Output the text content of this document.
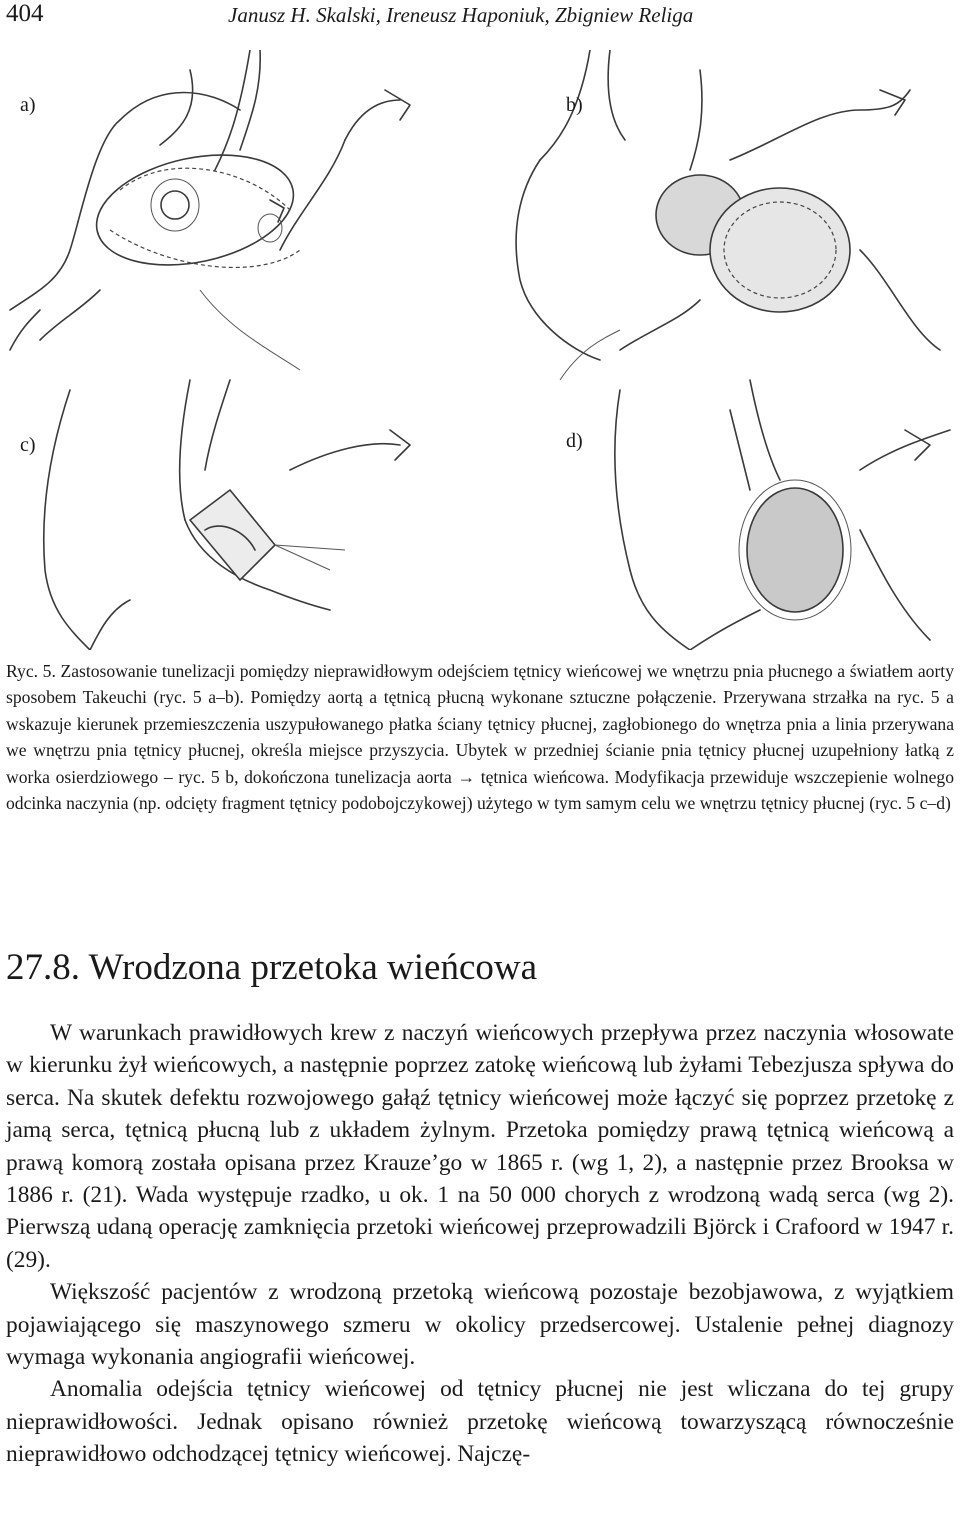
404	Janusz H. Skalski, Ireneusz Haponiuk, Zbigniew Religa
a)	b)
c)	d)
Ryc. 5. Zastosowanie tunelizacji pomiędzy nieprawidłowym odejściem tętnicy wieńcowej we wnętrzu pnia płucnego a światłem aorty sposobem Takeuchi (ryc. 5 a–b). Pomiędzy aortą a tętnicą płucną wykonane sztuczne połączenie. Przerywana strzałka na ryc. 5 a wskazuje kierunek przemieszczenia uszypułowanego płatka ściany tętnicy płucnej, zagłobionego do wnętrza pnia a linia przerywana we wnętrzu pnia tętnicy płucnej, określa miejsce przyszycia. Ubytek w przedniej ścianie pnia tętnicy płucnej uzupełniony łatką z worka osierdziowego – ryc. 5 b, dokończona tunelizacja aorta → tętnica wieńcowa. Modyfikacja przewiduje wszczepienie wolnego odcinka naczynia (np. odcięty fragment tętnicy podobojczykowej) użytego w tym samym celu we wnętrzu tętnicy płucnej (ryc. 5 c–d)
27.8. Wrodzona przetoka wieńcowa

W warunkach prawidłowych krew z naczyń wieńcowych przepływa przez naczynia włosowate w kierunku żył wieńcowych, a następnie poprzez zatokę wieńcową lub żyłami Tebezjusza spływa do serca. Na skutek defektu rozwojowego gałąź tętnicy wieńcowej może łączyć się poprzez przetokę z jamą serca, tętnicą płucną lub z układem żylnym. Przetoka pomiędzy prawą tętnicą wieńcową a prawą komorą została opisana przez Krauze’go w 1865 r. (wg 1, 2), a następnie przez Brooksa w 1886 r. (21). Wada występuje rzadko, u ok. 1 na 50 000 chorych z wrodzoną wadą serca (wg 2). Pierwszą udaną operację zamknięcia przetoki wieńcowej przeprowadzili Björck i Crafoord w 1947 r. (29).

Większość pacjentów z wrodzoną przetoką wieńcową pozostaje bezobjawowa, z wyjątkiem pojawiającego się maszynowego szmeru w okolicy przedsercowej. Ustalenie pełnej diagnozy wymaga wykonania angiografii wieńcowej.

Anomalia odejścia tętnicy wieńcowej od tętnicy płucnej nie jest wliczana do tej grupy nieprawidłowości. Jednak opisano również przetokę wieńcową towarzyszącą równocześnie nieprawidłowo odchodzącej tętnicy wieńcowej. Najczę-
